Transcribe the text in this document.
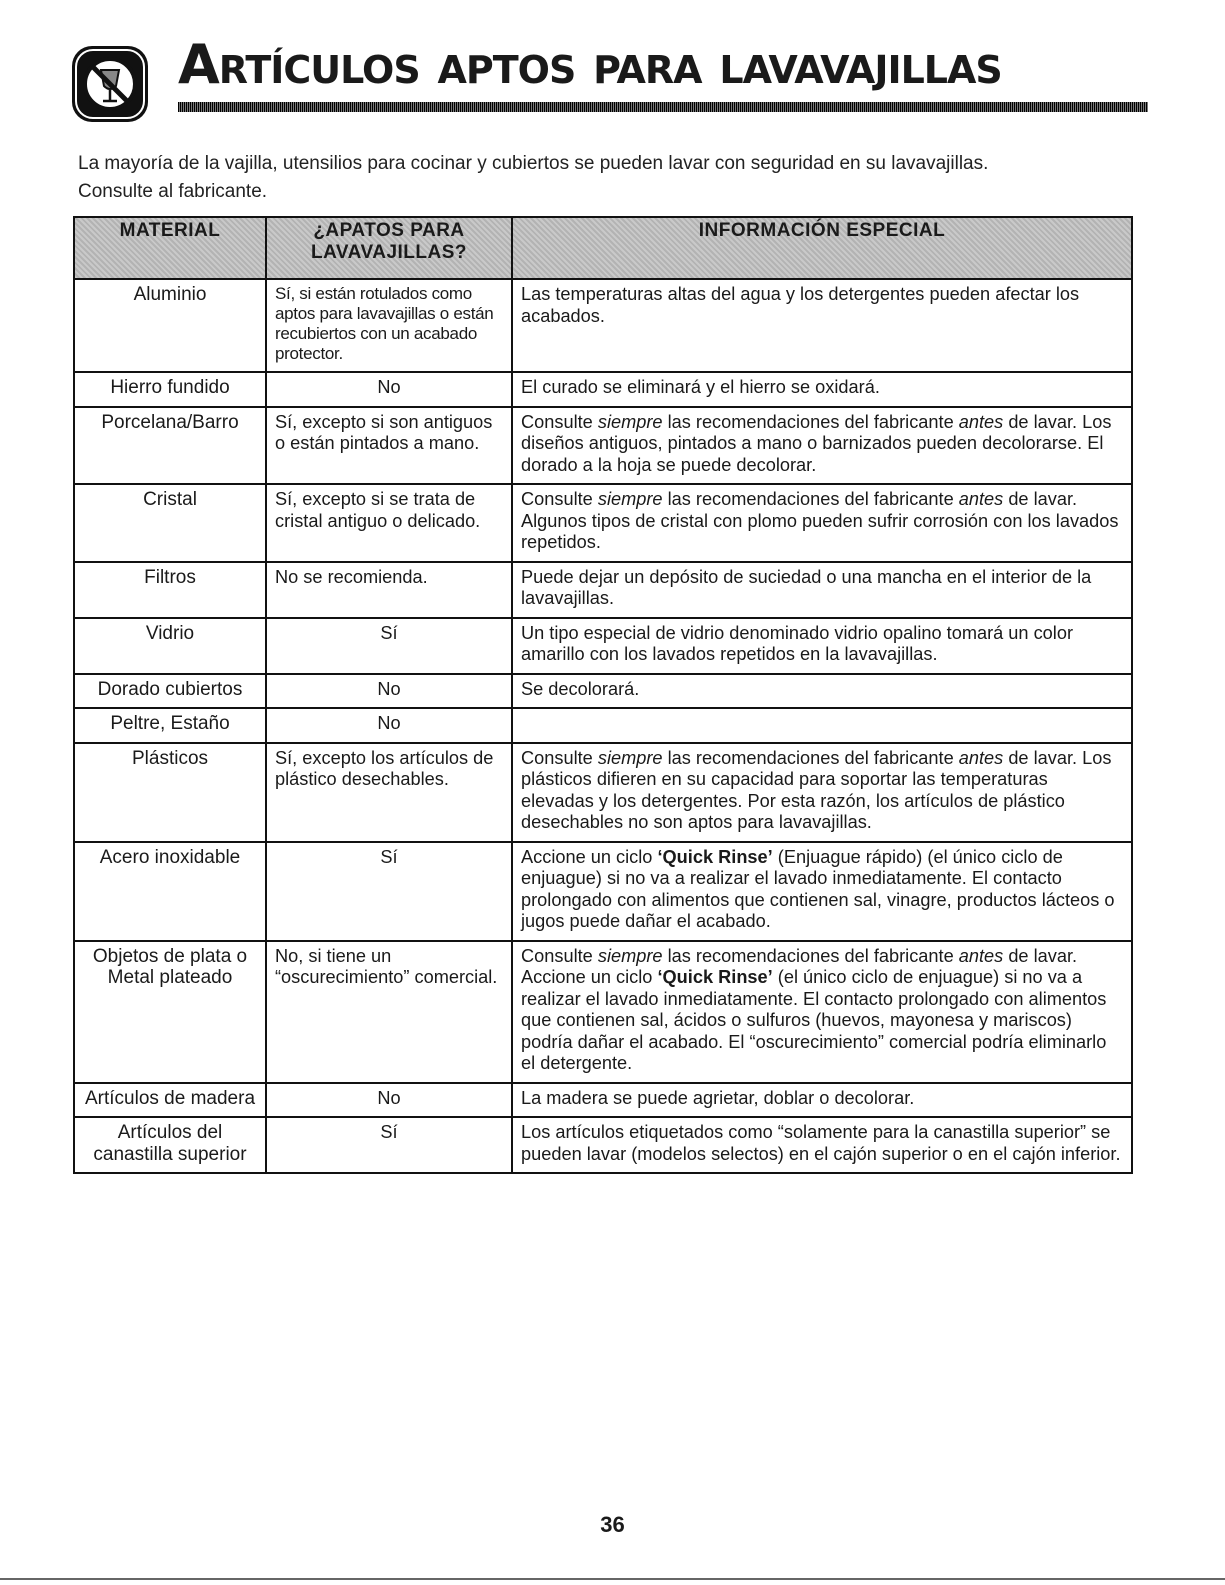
Artículos aptos para lavavajillas

La mayoría de la vajilla, utensilios para cocinar y cubiertos se pueden lavar con seguridad en su lavavajillas.

Consulte al fabricante.

MATERIAL	¿APATOS PARA LAVAVAJILLAS?	INFORMACIÓN ESPECIAL
Aluminio	Sí, si están rotulados como aptos para lavavajillas o están recubiertos con un acabado protector.	Las temperaturas altas del agua y los detergentes pueden afectar los acabados.
Hierro fundido	No	El curado se eliminará y el hierro se oxidará.
Porcelana/Barro	Sí, excepto si son antiguos o están pintados a mano.	Consulte siempre las recomendaciones del fabricante antes de lavar. Los diseños antiguos, pintados a mano o barnizados pueden decolorarse. El dorado a la hoja se puede decolorar.
Cristal	Sí, excepto si se trata de cristal antiguo o delicado.	Consulte siempre las recomendaciones del fabricante antes de lavar. Algunos tipos de cristal con plomo pueden sufrir corrosión con los lavados repetidos.
Filtros	No se recomienda.	Puede dejar un depósito de suciedad o una mancha en el interior de la lavavajillas.
Vidrio	Sí	Un tipo especial de vidrio denominado vidrio opalino tomará un color amarillo con los lavados repetidos en la lavavajillas.
Dorado cubiertos	No	Se decolorará.
Peltre, Estaño	No	
Plásticos	Sí, excepto los artículos de plástico desechables.	Consulte siempre las recomendaciones del fabricante antes de lavar. Los plásticos difieren en su capacidad para soportar las temperaturas elevadas y los detergentes. Por esta razón, los artículos de plástico desechables no son aptos para lavavajillas.
Acero inoxidable	Sí	Accione un ciclo ‘Quick Rinse’ (Enjuague rápido) (el único ciclo de enjuague) si no va a realizar el lavado inmediatamente. El contacto prolongado con alimentos que contienen sal, vinagre, productos lácteos o jugos puede dañar el acabado.
Objetos de plata o Metal plateado	No, si tiene un “oscurecimiento” comercial.	Consulte siempre las recomendaciones del fabricante antes de lavar. Accione un ciclo ‘Quick Rinse’ (el único ciclo de enjuague) si no va a realizar el lavado inmediatamente. El contacto prolongado con alimentos que contienen sal, ácidos o sulfuros (huevos, mayonesa y mariscos) podría dañar el acabado. El “oscurecimiento” comercial podría eliminarlo el detergente.
Artículos de madera	No	La madera se puede agrietar, doblar o decolorar.
Artículos del canastilla superior	Sí	Los artículos etiquetados como “solamente para la canastilla superior” se pueden lavar (modelos selectos) en el cajón superior o en el cajón inferior.
36
